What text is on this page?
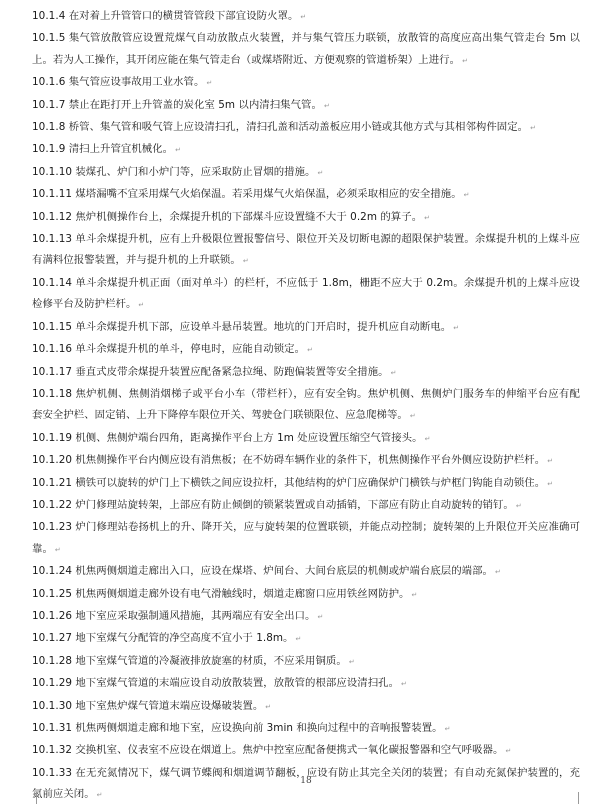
10.1.4 在对着上升管管口的横贯管管段下部宜设防火罩。 ↵

10.1.5 集气管放散管应设置荒煤气自动放散点火装置，并与集气管压力联锁，放散管的高度应高出集气管走台 5m 以上。若为人工操作，其开闭应能在集气管走台（或煤塔附近、方便观察的管道桥架）上进行。 ↵

10.1.6 集气管应设事故用工业水管。 ↵

10.1.7 禁止在距打开上升管盖的炭化室 5m 以内清扫集气管。 ↵

10.1.8 桥管、集气管和吸气管上应设清扫孔，清扫孔盖和活动盖板应用小链或其他方式与其相邻构件固定。 ↵

10.1.9 清扫上升管宜机械化。 ↵

10.1.10 装煤孔、炉门和小炉门等，应采取防止冒烟的措施。 ↵

10.1.11 煤塔漏嘴不宜采用煤气火焰保温。若采用煤气火焰保温，必须采取相应的安全措施。 ↵

10.1.12 焦炉机侧操作台上，余煤提升机的下部煤斗应设置缝不大于 0.2m 的算子。 ↵

10.1.13 单斗余煤提升机，应有上升极限位置报警信号、限位开关及切断电源的超限保护装置。余煤提升机的上煤斗应有满料位报警装置，并与提升机的上升联锁。 ↵

10.1.14 单斗余煤提升机正面（面对单斗）的栏杆，不应低于 1.8m，栅距不应大于 0.2m。余煤提升机的上煤斗应设检修平台及防护栏杆。 ↵

10.1.15 单斗余煤提升机下部，应设单斗悬吊装置。地坑的门开启时，提升机应自动断电。 ↵

10.1.16 单斗余煤提升机的单斗，停电时，应能自动锁定。 ↵

10.1.17 垂直式皮带余煤提升装置应配备紧急拉绳、防跑偏装置等安全措施。 ↵

10.1.18 焦炉机侧、焦侧消烟梯子或平台小车（带栏杆），应有安全钩。焦炉机侧、焦侧炉门服务车的伸缩平台应有配套安全护栏、固定销、上升下降停车限位开关、驾驶仓门联锁限位、应急爬梯等。 ↵

10.1.19 机侧、焦侧炉端台四角，距离操作平台上方 1m 处应设置压缩空气管接头。 ↵

10.1.20 机焦侧操作平台内侧应设有消焦板；在不妨碍车辆作业的条件下，机焦侧操作平台外侧应设防护栏杆。 ↵

10.1.21 横铁可以旋转的炉门上下横铁之间应设拉杆，其他结构的炉门应确保炉门横铁与炉框门钩能自动锁住。 ↵

10.1.22 炉门修理站旋转架，上部应有防止倾倒的锁紧装置或自动插销，下部应有防止自动旋转的销钉。 ↵

10.1.23 炉门修理站卷扬机上的升、降开关，应与旋转架的位置联锁，并能点动控制；旋转架的上升限位开关应准确可靠。 ↵

10.1.24 机焦两侧烟道走廊出入口，应设在煤塔、炉间台、大间台底层的机侧或炉端台底层的端部。 ↵

10.1.25 机焦两侧烟道走廊外设有电气滑触线时，烟道走廊窗口应用铁丝网防护。 ↵

10.1.26 地下室应采取强制通风措施，其两端应有安全出口。 ↵

10.1.27 地下室煤气分配管的净空高度不宜小于 1.8m。 ↵

10.1.28 地下室煤气管道的冷凝液排放旋塞的材质，不应采用铜质。 ↵

10.1.29 地下室煤气管道的末端应设自动放散装置，放散管的根部应设清扫孔。 ↵

10.1.30 地下室焦炉煤气管道末端应设爆破装置。 ↵

10.1.31 机焦两侧烟道走廊和地下室，应设换向前 3min 和换向过程中的音响报警装置。 ↵

10.1.32 交换机室、仪表室不应设在烟道上。焦炉中控室应配备便携式一氧化碳报警器和空气呼吸器。 ↵

10.1.33 在无充氮情况下，煤气调节蝶阀和烟道调节翻板，应设有防止其完全关闭的装置；有自动充氮保护装置的，充氮前应关闭。 ↵

18
